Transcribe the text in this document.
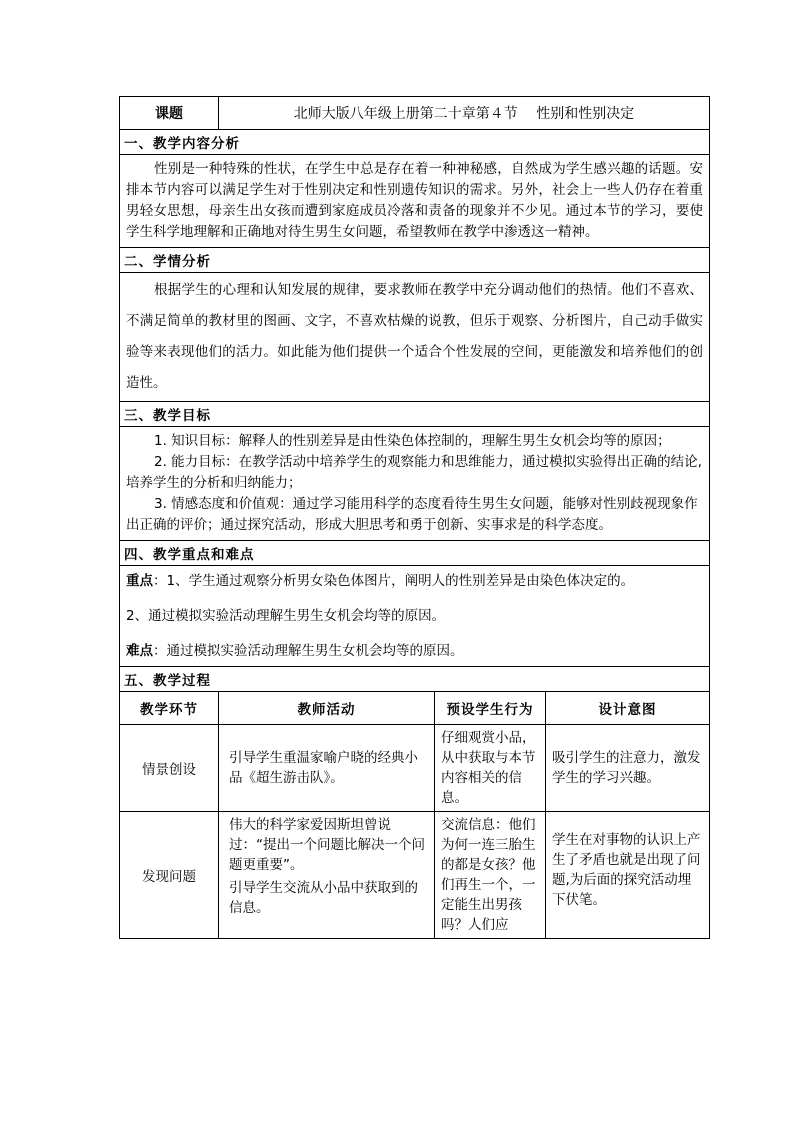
课题	北师大版八年级上册第二十章第４节　 性别和性别决定
一、教学内容分析

性别是一种特殊的性状，在学生中总是存在着一种神秘感，自然成为学生感兴趣的话题。安排本节内容可以满足学生对于性别决定和性别遗传知识的需求。另外，社会上一些人仍存在着重男轻女思想，母亲生出女孩而遭到家庭成员冷落和责备的现象并不少见。通过本节的学习，要使学生科学地理解和正确地对待生男生女问题，希望教师在教学中渗透这一精神。

二、学情分析

根据学生的心理和认知发展的规律，要求教师在教学中充分调动他们的热情。他们不喜欢、不满足简单的教材里的图画、文字，不喜欢枯燥的说教，但乐于观察、分析图片，自己动手做实验等来表现他们的活力。如此能为他们提供一个适合个性发展的空间，更能激发和培养他们的创造性。

三、教学目标

1. 知识目标：解释人的性别差异是由性染色体控制的，理解生男生女机会均等的原因；

2. 能力目标：在教学活动中培养学生的观察能力和思维能力，通过模拟实验得出正确的结论,培养学生的分析和归纳能力；

3. 情感态度和价值观：通过学习能用科学的态度看待生男生女问题，能够对性别歧视现象作出正确的评价；通过探究活动，形成大胆思考和勇于创新、实事求是的科学态度。

四、教学重点和难点

重点：1、学生通过观察分析男女染色体图片，阐明人的性别差异是由染色体决定的。

2、通过模拟实验活动理解生男生女机会均等的原因。

难点：通过模拟实验活动理解生男生女机会均等的原因。

五、教学过程
教学环节	教师活动	预设学生行为	设计意图
情景创设	引导学生重温家喻户晓的经典小品《超生游击队》。	仔细观赏小品，从中获取与本节内容相关的信息。	吸引学生的注意力，激发学生的学习兴趣。

发现问题	伟大的科学家爱因斯坦曾说过：“提出一个问题比解决一个问题更重要”。
引导学生交流从小品中获取到的信息。	交流信息：他们为何一连三胎生的都是女孩？他们再生一个，一定能生出男孩吗？人们应	学生在对事物的认识上产生了矛盾也就是出现了问题,为后面的探究活动埋下伏笔。
